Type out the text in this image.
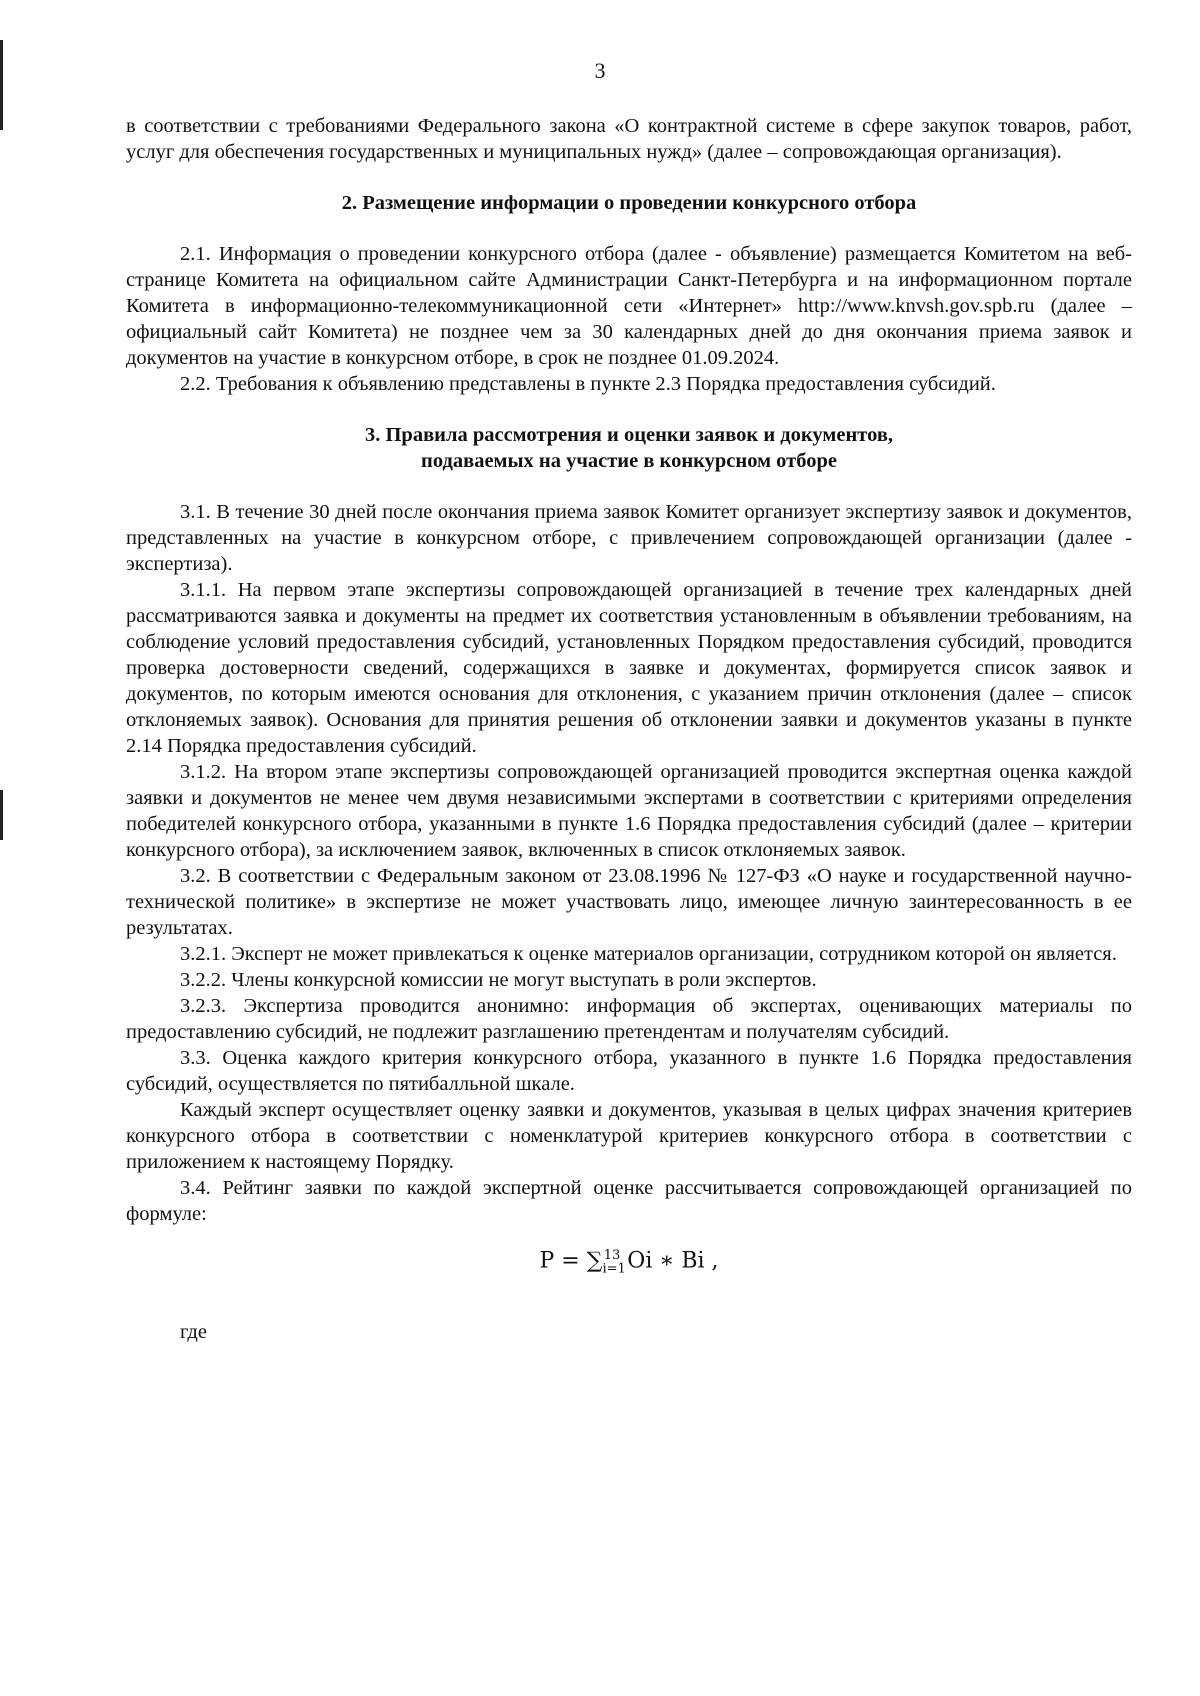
3

в соответствии с требованиями Федерального закона «О контрактной системе в сфере закупок товаров, работ, услуг для обеспечения государственных и муниципальных нужд» (далее – сопровождающая организация).

2. Размещение информации о проведении конкурсного отбора

2.1. Информация о проведении конкурсного отбора (далее - объявление) размещается Комитетом на веб-странице Комитета на официальном сайте Администрации Санкт-Петербурга и на информационном портале Комитета в информационно-телекоммуникационной сети «Интернет» http://www.knvsh.gov.spb.ru (далее – официальный сайт Комитета) не позднее чем за 30 календарных дней до дня окончания приема заявок и документов на участие в конкурсном отборе, в срок не позднее 01.09.2024.

2.2. Требования к объявлению представлены в пункте 2.3 Порядка предоставления субсидий.

3. Правила рассмотрения и оценки заявок и документов,
подаваемых на участие в конкурсном отборе

3.1. В течение 30 дней после окончания приема заявок Комитет организует экспертизу заявок и документов, представленных на участие в конкурсном отборе, с привлечением сопровождающей организации (далее - экспертиза).

3.1.1. На первом этапе экспертизы сопровождающей организацией в течение трех календарных дней рассматриваются заявка и документы на предмет их соответствия установленным в объявлении требованиям, на соблюдение условий предоставления субсидий, установленных Порядком предоставления субсидий, проводится проверка достоверности сведений, содержащихся в заявке и документах, формируется список заявок и документов, по которым имеются основания для отклонения, с указанием причин отклонения (далее – список отклоняемых заявок). Основания для принятия решения об отклонении заявки и документов указаны в пункте 2.14 Порядка предоставления субсидий.

3.1.2. На втором этапе экспертизы сопровождающей организацией проводится экспертная оценка каждой заявки и документов не менее чем двумя независимыми экспертами в соответствии с критериями определения победителей конкурсного отбора, указанными в пункте 1.6 Порядка предоставления субсидий (далее – критерии конкурсного отбора), за исключением заявок, включенных в список отклоняемых заявок.

3.2. В соответствии с Федеральным законом от 23.08.1996 № 127-ФЗ «О науке и государственной научно-технической политике» в экспертизе не может участвовать лицо, имеющее личную заинтересованность в ее результатах.

3.2.1. Эксперт не может привлекаться к оценке материалов организации, сотрудником которой он является.

3.2.2. Члены конкурсной комиссии не могут выступать в роли экспертов.

3.2.3. Экспертиза проводится анонимно: информация об экспертах, оценивающих материалы по предоставлению субсидий, не подлежит разглашению претендентам и получателям субсидий.

3.3. Оценка каждого критерия конкурсного отбора, указанного в пункте 1.6 Порядка предоставления субсидий, осуществляется по пятибалльной шкале.

Каждый эксперт осуществляет оценку заявки и документов, указывая в целых цифрах значения критериев конкурсного отбора в соответствии с номенклатурой критериев конкурсного отбора в соответствии с приложением к настоящему Порядку.

3.4. Рейтинг заявки по каждой экспертной оценке рассчитывается сопровождающей организацией по формуле:

$P = \sum_{i=1}^{13}$ Oi ∗ Bi ,

где
